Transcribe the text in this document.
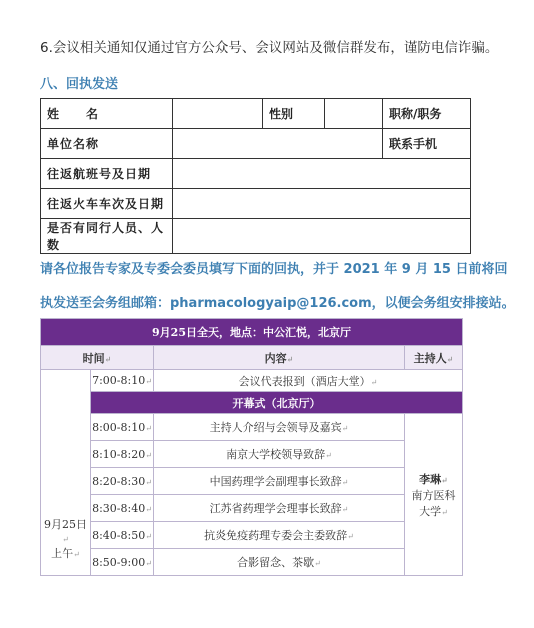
6.会议相关通知仅通过官方公众号、会议网站及微信群发布，谨防电信诈骗。
八、回执发送
姓　　名		性别		职称/职务
单位名称				联系手机
往返航班号及日期				
往返火车车次及日期				
是否有同行人员、人数				
请各位报告专家及专委会委员填写下面的回执，并于 2021 年 9 月 15 日前将回
执发送至会务组邮箱：pharmacologyaip@126.com，以便会务组安排接站。
9月25日全天，地点：中公汇悦，北京厅			
时间↵		内容↵	主持人↵

9月25日↵
上午↵	7:00-8:10↵	会议代表报到（酒店大堂）↵	
	开幕式（北京厅）		
	8:00-8:10↵	主持人介绍与会领导及嘉宾↵	李琳↵
南方医科
大学↵

	8:10-8:20↵	南京大学校领导致辞↵	
	8:20-8:30↵	中国药理学会副理事长致辞↵	
	8:30-8:40↵	江苏省药理学会理事长致辞↵	
	8:40-8:50↵	抗炎免疫药理专委会主委致辞↵	
	8:50-9:00↵	合影留念、茶歇↵	
